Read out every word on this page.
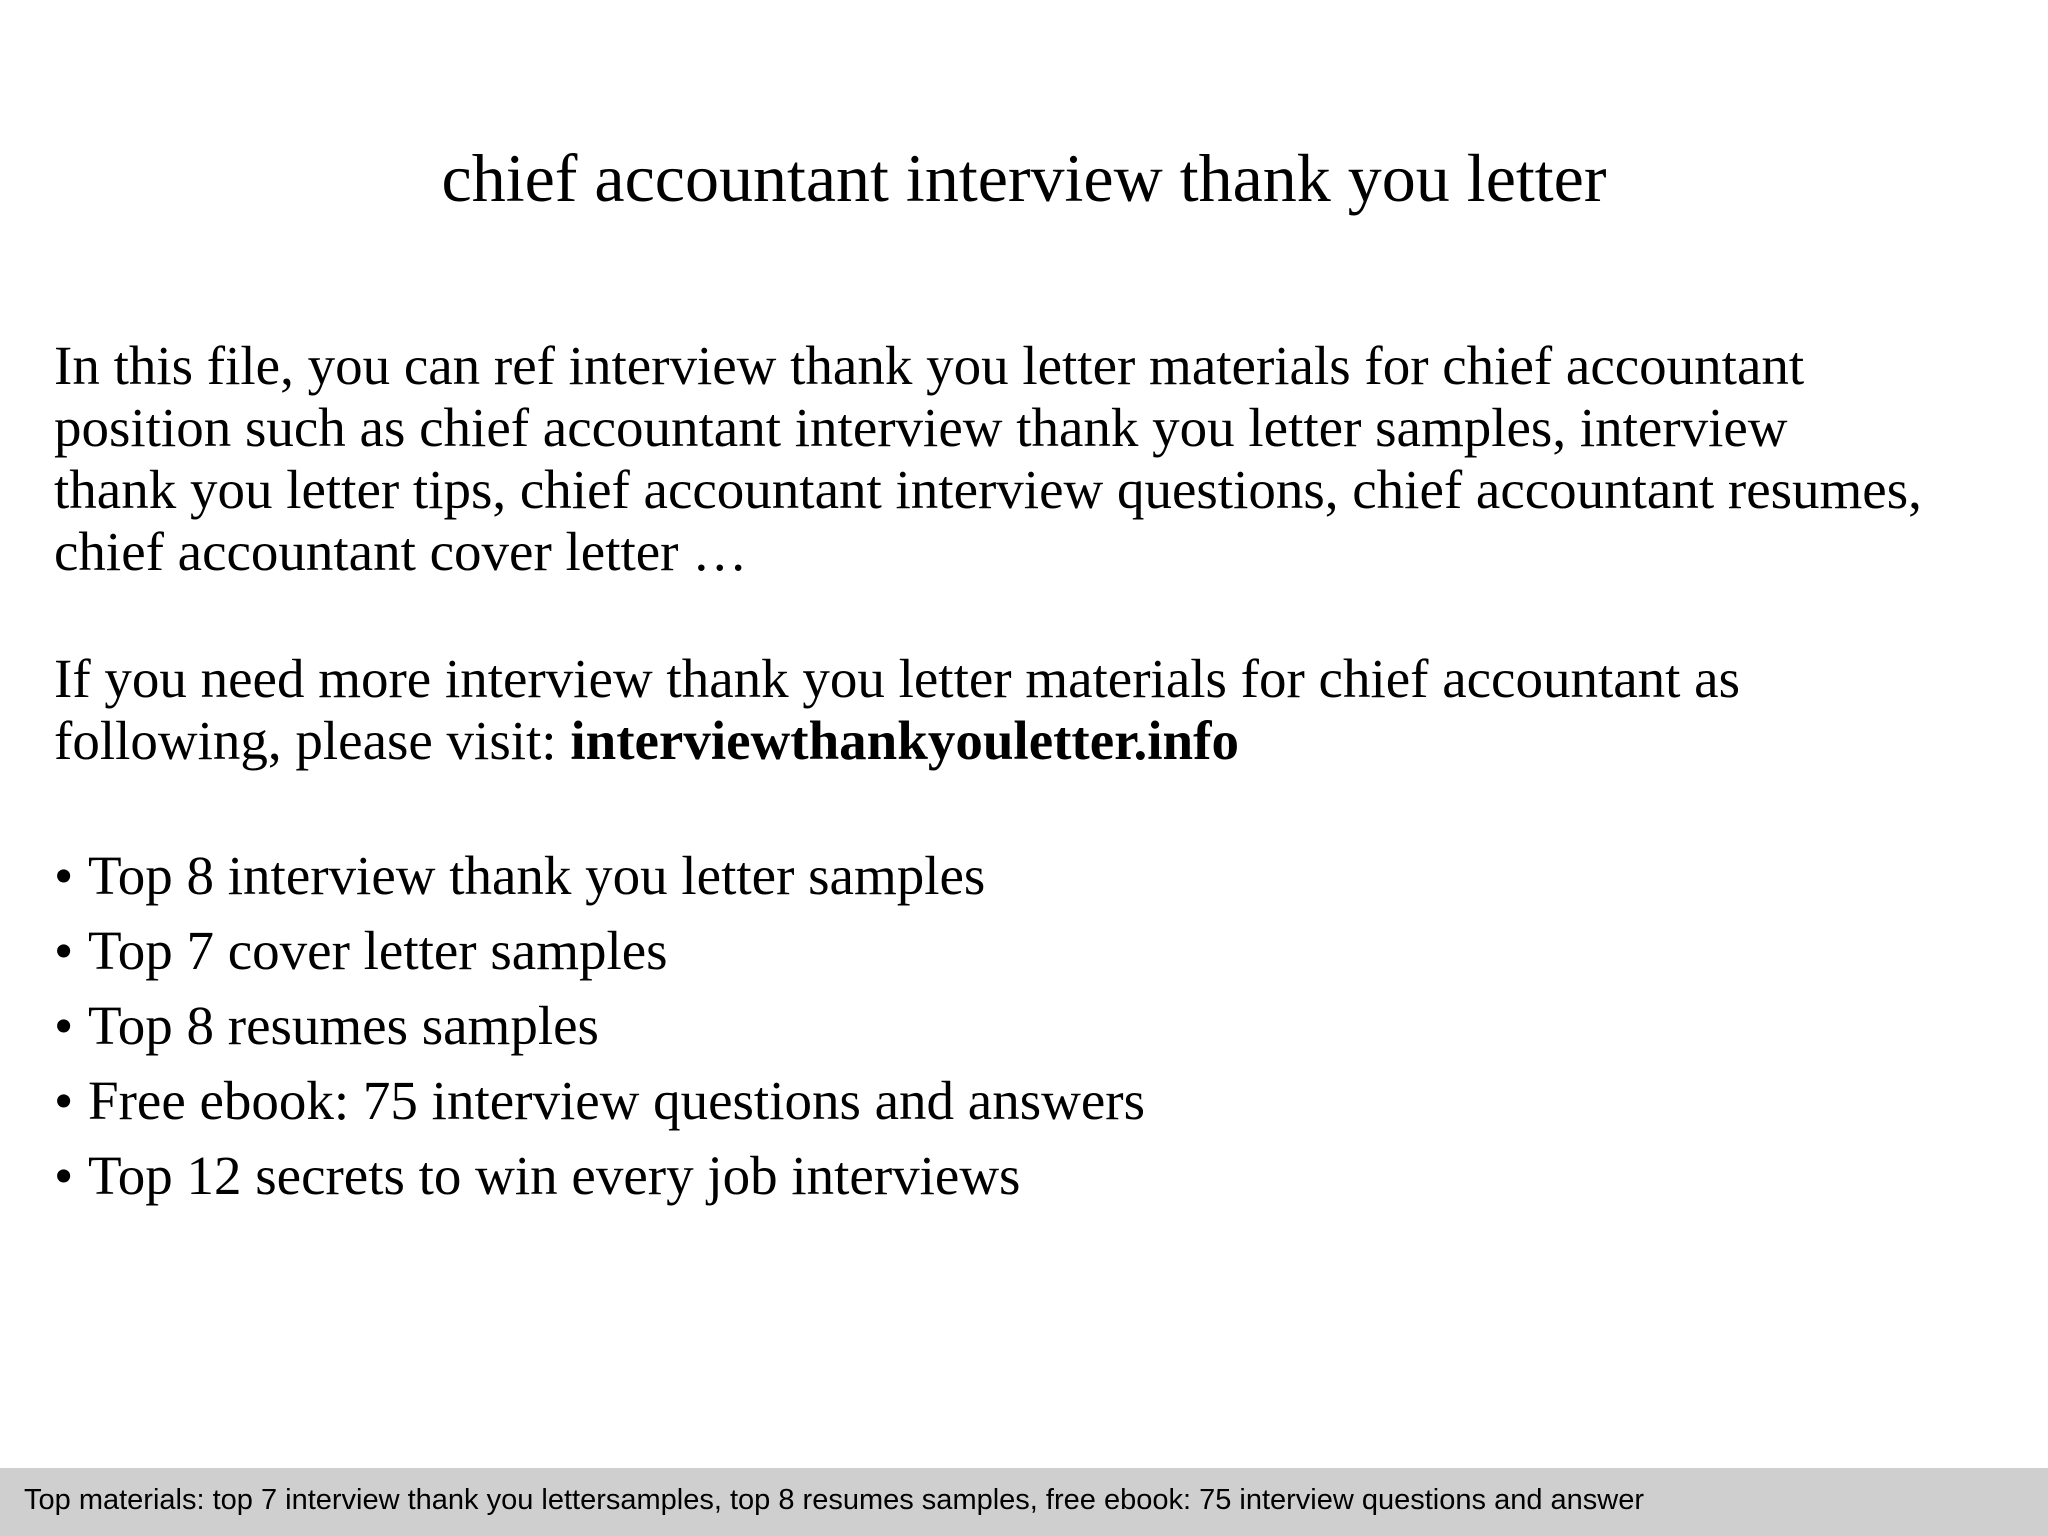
chief accountant interview thank you letter

In this file, you can ref interview thank you letter materials for chief accountant
position such as chief accountant interview thank you letter samples, interview
thank you letter tips, chief accountant interview questions, chief accountant resumes,
chief accountant cover letter …

If you need more interview thank you letter materials for chief accountant as
following, please visit: interviewthankyouletter.info

• Top 8 interview thank you letter samples
• Top 7 cover letter samples
• Top 8 resumes samples
• Free ebook: 75 interview questions and answers
• Top 12 secrets to win every job interviews
Top materials: top 7 interview thank you lettersamples, top 8 resumes samples, free ebook: 75 interview questions and answer
